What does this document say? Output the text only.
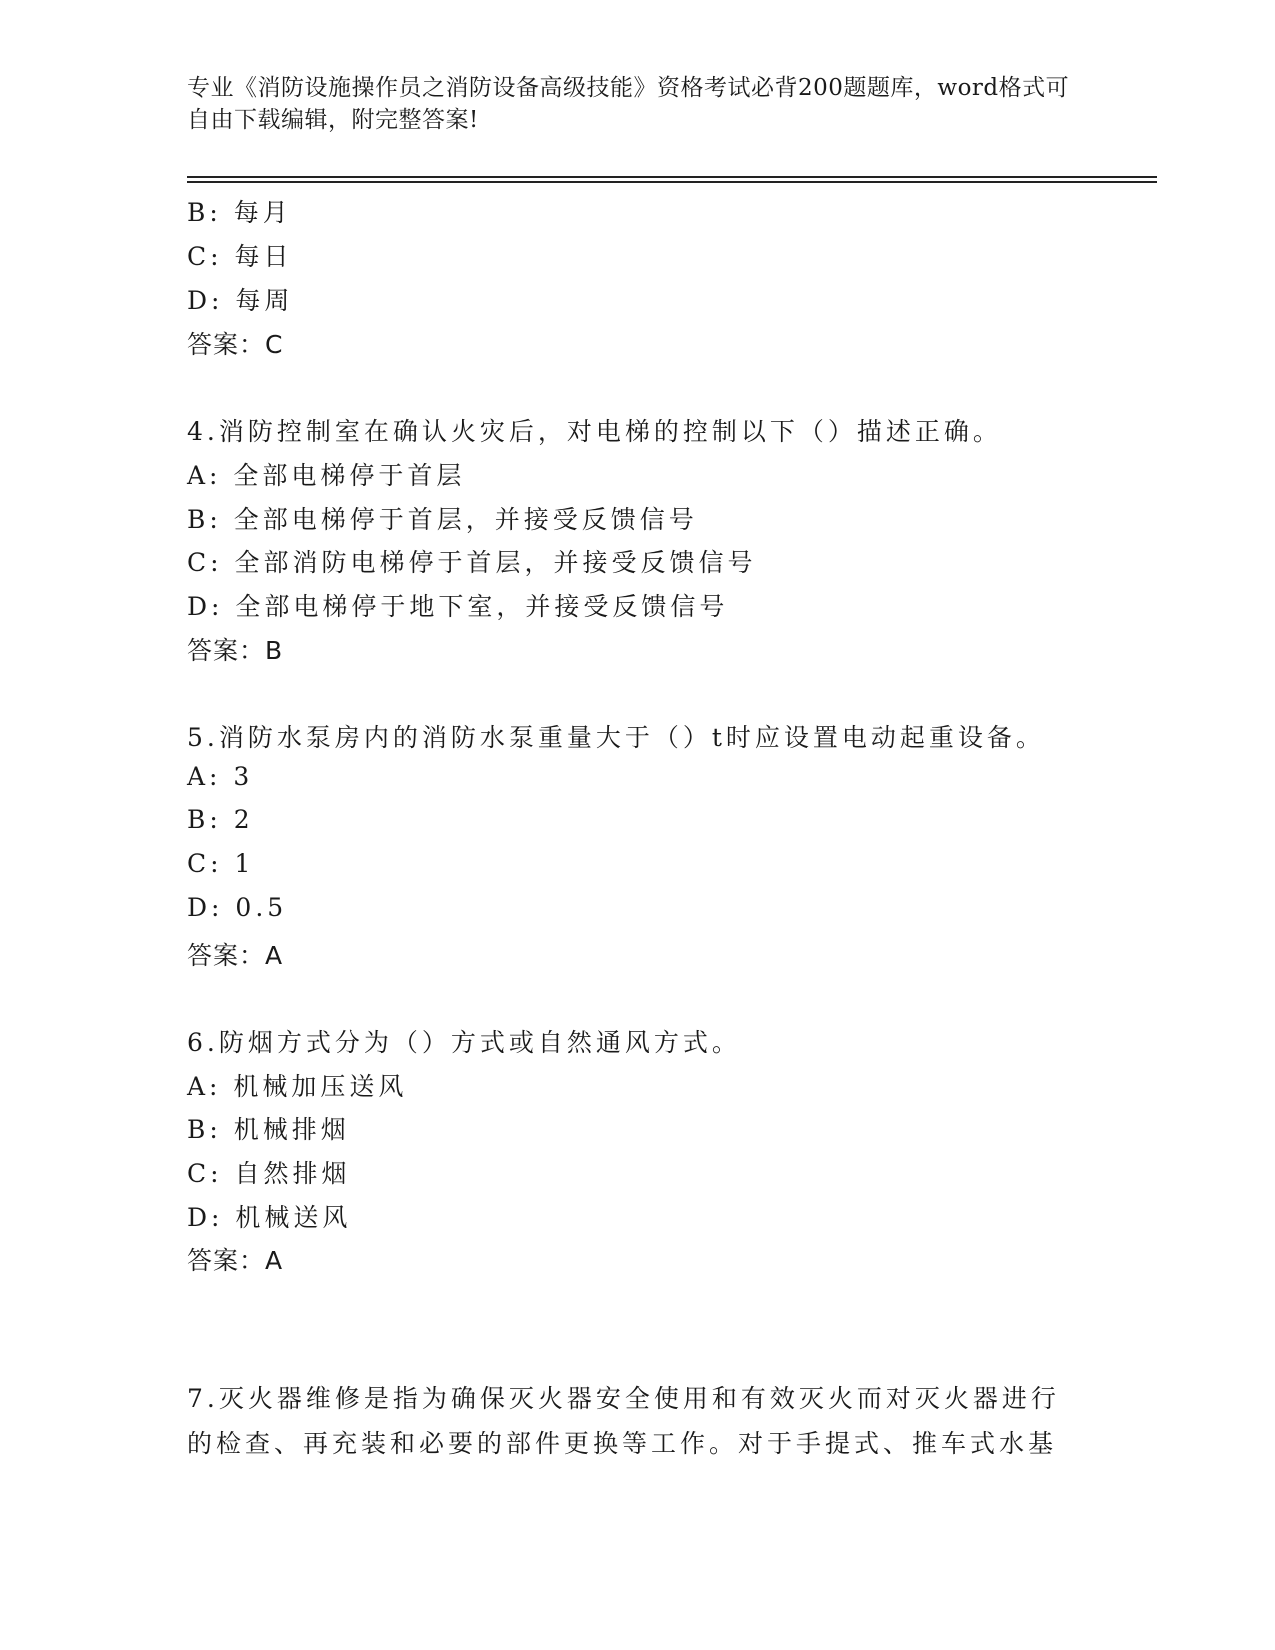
专业《消防设施操作员之消防设备高级技能》资格考试必背200题题库，word格式可自由下载编辑，附完整答案!
B: 每月
C: 每日
D: 每周
答案：C
4.消防控制室在确认火灾后，对电梯的控制以下（）描述正确。
A: 全部电梯停于首层
B: 全部电梯停于首层，并接受反馈信号
C: 全部消防电梯停于首层，并接受反馈信号
D: 全部电梯停于地下室，并接受反馈信号
答案：B
5.消防水泵房内的消防水泵重量大于（）t时应设置电动起重设备。
A: 3
B: 2
C: 1
D: 0.5
答案：A
6.防烟方式分为（）方式或自然通风方式。
A: 机械加压送风
B: 机械排烟
C: 自然排烟
D: 机械送风
答案：A
7.灭火器维修是指为确保灭火器安全使用和有效灭火而对灭火器进行的检查、再充装和必要的部件更换等工作。对于手提式、推车式水基
